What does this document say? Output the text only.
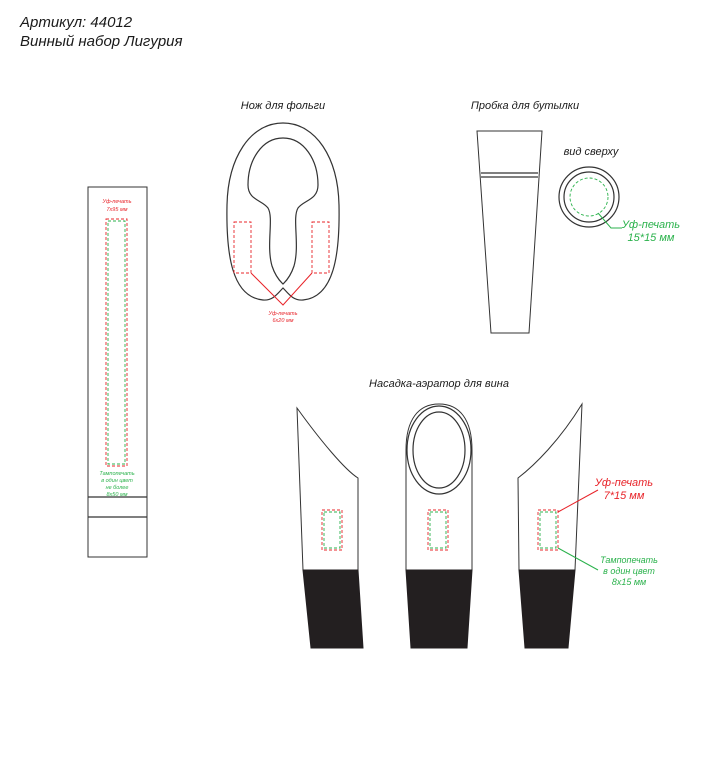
Артикул: 44012
Винный набор Лигурия
Уф-печать
7х95 мм
Тампопечать
в один цвет
не более
8х50 мм
Нож для фольги
Уф-печать
6х20 мм
Пробка для бутылки
вид сверху
Уф-печать
15*15 мм
Насадка-аэратор для вина
Уф-печать
7*15 мм
Тампопечать
в один цвет
8х15 мм
